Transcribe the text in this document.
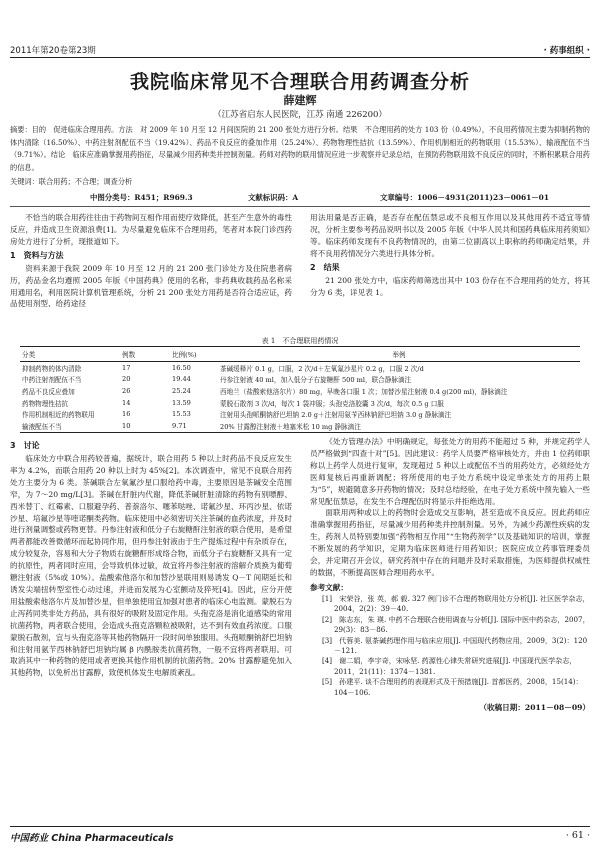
2011年第20卷第23期	· 药事组织 ·
我院临床常见不合理联合用药调查分析
薛建辉
（江苏省启东人民医院，江苏 南通 226200）
摘要：目的　促进临床合理用药。方法　对 2009 年 10 月至 12 月间医院的 21 200 张处方进行分析。结果　不合理用药的处方 103 份（0.49%），不良用药情况主要为抑制药物的体内清除（16.50%）、中药注射剂配伍不当（19.42%）、药品不良反应的叠加作用（25.24%）、药物物理性拮抗（13.59%）、作用机制相近的药物联用（15.53%）、输液配伍不当（9.71%）。结论　临床应准确掌握用药指征，尽量减少用药种类并控制剂量。药师对药物的联用情况应进一步观察并记录总结，在预防药物联用致不良反应的同时，不断积累联合用药的信息。
关键词：联合用药；不合理；调查分析
中图分类号：R451；R969.3	文献标识码：A	文章编号：1006－4931(2011)23－0061－01

不恰当的联合用药往往由于药物间互相作用而使疗效降低，甚至产生意外的毒性反应，并造成卫生资源浪费[1]。为尽量避免临床不合理用药，笔者对本院门诊西药房处方进行了分析，现报道如下。

1　资料与方法

资料来源于我院 2009 年 10 月至 12 月的 21 200 张门诊处方及住院患者病历，药品金名均遵照 2005 年版《中国药典》使用的名称，非药典收载药品名称采用通用名，利用医院计算机管理系统，分析 21 200 张处方用药是否符合适应证，药品使用剂型、给药途径

用法用量是否正确，是否存在配伍禁忌或不良相互作用以及其他用药不适宜等情况，分析主要参考药品说明书以及 2005 年版《中华人民共和国药典临床用药须知》等。临床药师发现有不良药物情况的，由第二位副高以上职称的药师确定结果，并将不良用药情况分六类进行具体分析。

2　结果

21 200 张处方中，临床药师筛选出其中 103 份存在不合理用药的处方，将其分为 6 类，详见表 1。

表 1　不合理联用药情况
分类	例数	比例(%)	举例
抑制药物的体内清除	17	16.50	茶碱缓释片 0.1 g，口服，2 次/d＋左氧氟沙星片 0.2 g，口服 2 次/d
中药注射剂配伍不当	20	19.44	丹参注射液 40 ml，加入低分子右旋糖酐 500 ml，联合静脉滴注
药品不良反应叠加	26	25.24	西地兰（盐酸索他洛尔片）80 mg，早晚各口服 1 次；加替沙星注射液 0.4 g(200 ml)，静脉滴注
药物物理性拮抗	14	13.59	蒙脱石散剂 3 次/d，每次 1 袋冲服；头孢克洛胶囊 3 次/d，每次 0.5 g 口服
作用机制相近的药物联用	16	15.53	注射用头孢哌酮钠舒巴坦钠 2.0 g＋注射用氨苄西林钠舒巴坦钠 3.0 g 静脉滴注
输液配伍不当	10	9.71	20% 甘露醇注射液＋地塞米松 10 mg 静脉滴注
3　讨论

临床处方中联合用药较普遍，据统计，联合用药 5 种以上时药品不良反应发生率为 4.2%，而联合用药 20 种以上时为 45%[2]。本次调查中，常见不良联合用药处方主要分为 6 类。茶碱联合左氧氟沙星口服给药中毒，主要原因是茶碱安全范围窄，为 7～20 mg/L[3]。茶碱在肝脏内代谢，降低茶碱肝脏清除的药物有别嘌醇、西米替丁、红霉素、口服避孕药、普萘洛尔、噻苯哒唑、诺氟沙星、环丙沙星、依诺沙星、培氟沙星等喹诺酮类药物。临床使用中必须密切关注茶碱的血药浓度，并及时进行剂量调整或药物更替。丹参注射液和低分子右旋糖酐注射液的联合使用，是希望两者都能改善微循环而起协同作用，但丹参注射液由于生产提炼过程中有杂质存在，成分较复杂，容易和大分子物质右旋糖酐形成络合物，而低分子右旋糖酐又具有一定的抗原性，两者同时应用，会导致机体过敏，故宜将丹参注射液的溶解介质换为葡萄糖注射液（5%或 10%）。盐酸索他洛尔和加替沙星联用则易诱发 Q－T 间期延长和诱发尖端扭转型室性心动过速，并进而发展为心室颤动及猝死[4]。因此，应分开使用盐酸索他洛尔片及加替沙星，但单独使用宜加强对患者的临床心电监测。蒙脱石为止泻药同类非处方药品，具有很好的吸附及固定作用。头孢克洛是消化道感染的常用抗菌药物，两者联合使用，会造成头孢克洛颗粒被吸附，达不到有效血药浓度。口服蒙脱石散剂，宜与头孢克洛等其他药物隔开一段时间单独服用。头孢哌酮钠舒巴坦钠和注射用氨苄西林钠舒巴坦钠均属 β 内酰胺类抗菌药物，一般不宜将两者联用。可取消其中一种药物的使用或者更换其他作用机制的抗菌药物。20% 甘露醇避免加入其他药物，以免析出甘露醇，致使机体发生电解质紊乱。

《处方管理办法》中明确规定，每张处方的用药不能超过 5 种，并规定药学人员严格做到“四查十对”[5]。因此建议：药学人员要严格审核处方，并由 1 位药师职称以上药学人员进行复审，发现超过 5 种以上或配伍不当的用药处方，必须经处方医师复核后再重新调配；将所使用的电子处方系统中设定单张处方的用药上限为“5”，规避随意多开药物的情况；及时总结经验，在电子处方系统中预先输入一些常见配伍禁忌，在发生不合理配伍时将显示并拒绝选用。

面联用两种或以上的药物时会造成交互影响，甚至造成不良反应。因此药师应准确掌握用药指征，尽量减少用药种类并控制剂量。另外，为减少药源性疾病的发生，药剂人员特别要加强“药物相互作用”“生物药剂学”以及基础知识的培训，掌握不断发展的药学知识，定期为临床医师进行用药知识；医院应成立药事管理委员会，并定期召开会议，研究药剂中存在的问题并及时采取措施，为医师提供权威性的数据，不断提高医师合理用药水平。

参考文献：
[1]　宋荣谷，张 英，郝 毅. 327 例门诊不合理药物联用处方分析[J]. 社区医学杂志，2004，2(2)：39－40.
[2]　陈志东，朱 瑛. 中药不合理联合使用调查与分析[J]. 国际中医中药杂志，2007，29(3)：83－86.
[3]　代蓉美. 氨茶碱药理作用与临床应用[J]. 中国现代药物应用，2009，3(2)：120－121.
[4]　谢二娟，李宇奇，宋咏坚. 药源性心律失常研究进展[J]. 中国现代医学杂志，2011，21(11)：1374－1381.
[5]　孙建平. 谈不合理用药的表现形式及干预措施[J]. 首都医药，2008，15(14)：104－106.
（收稿日期：2011－08－09）
中国药业 China Pharmaceuticals	· 61 ·
